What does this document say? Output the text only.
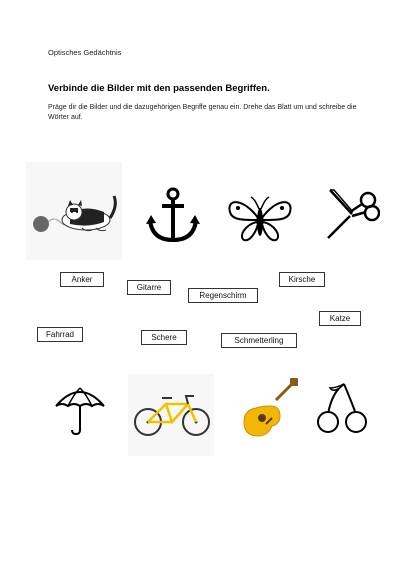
Optisches Gedächtnis
Verbinde die Bilder mit den passenden Begriffen.
Präge dir die Bilder und die dazugehörigen Begriffe genau ein. Drehe das Blatt um und schreibe die Wörter auf.
Anker
Gitarre
Regenschirm
Kirsche
Katze
Fahrrad	Schere	Schmetterling
